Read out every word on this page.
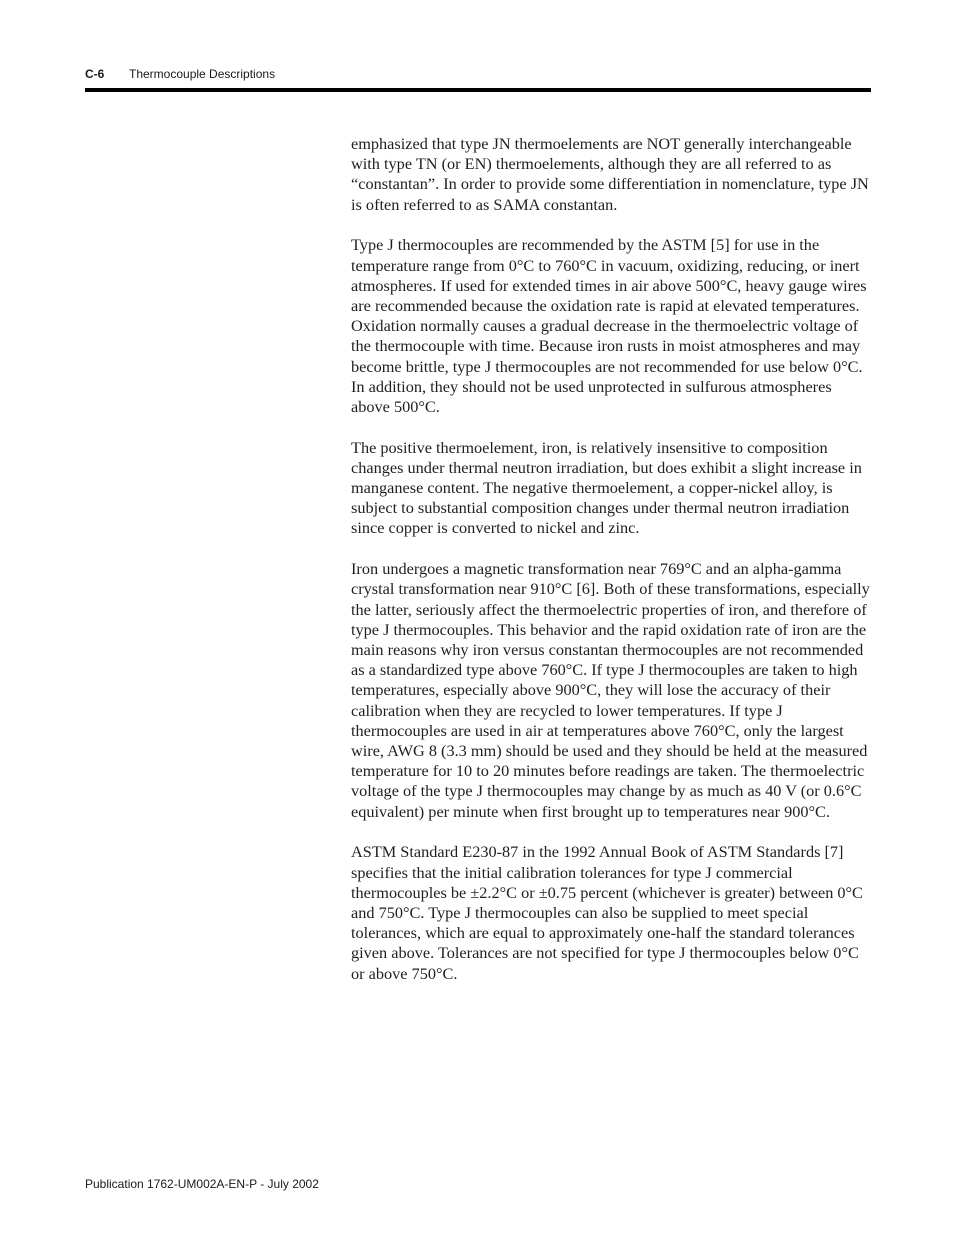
C-6 Thermocouple Descriptions

emphasized that type JN thermoelements are NOT generally interchangeable with type TN (or EN) thermoelements, although they are all referred to as “constantan”. In order to provide some differentiation in nomenclature, type JN is often referred to as SAMA constantan.

Type J thermocouples are recommended by the ASTM [5] for use in the temperature range from 0°C to 760°C in vacuum, oxidizing, reducing, or inert atmospheres. If used for extended times in air above 500°C, heavy gauge wires are recommended because the oxidation rate is rapid at elevated temperatures. Oxidation normally causes a gradual decrease in the thermoelectric voltage of the thermocouple with time. Because iron rusts in moist atmospheres and may become brittle, type J thermocouples are not recommended for use below 0°C. In addition, they should not be used unprotected in sulfurous atmospheres above 500°C.

The positive thermoelement, iron, is relatively insensitive to composition changes under thermal neutron irradiation, but does exhibit a slight increase in manganese content. The negative thermoelement, a copper-nickel alloy, is subject to substantial composition changes under thermal neutron irradiation since copper is converted to nickel and zinc.

Iron undergoes a magnetic transformation near 769°C and an alpha-gamma crystal transformation near 910°C [6]. Both of these transformations, especially the latter, seriously affect the thermoelectric properties of iron, and therefore of type J thermocouples. This behavior and the rapid oxidation rate of iron are the main reasons why iron versus constantan thermocouples are not recommended as a standardized type above 760°C. If type J thermocouples are taken to high temperatures, especially above 900°C, they will lose the accuracy of their calibration when they are recycled to lower temperatures. If type J thermocouples are used in air at temperatures above 760°C, only the largest wire, AWG 8 (3.3 mm) should be used and they should be held at the measured temperature for 10 to 20 minutes before readings are taken. The thermoelectric voltage of the type J thermocouples may change by as much as 40 V (or 0.6°C equivalent) per minute when first brought up to temperatures near 900°C.

ASTM Standard E230-87 in the 1992 Annual Book of ASTM Standards [7] specifies that the initial calibration tolerances for type J commercial thermocouples be ±2.2°C or ±0.75 percent (whichever is greater) between 0°C and 750°C. Type J thermocouples can also be supplied to meet special tolerances, which are equal to approximately one-half the standard tolerances given above. Tolerances are not specified for type J thermocouples below 0°C or above 750°C.

Publication 1762-UM002A-EN-P - July 2002
